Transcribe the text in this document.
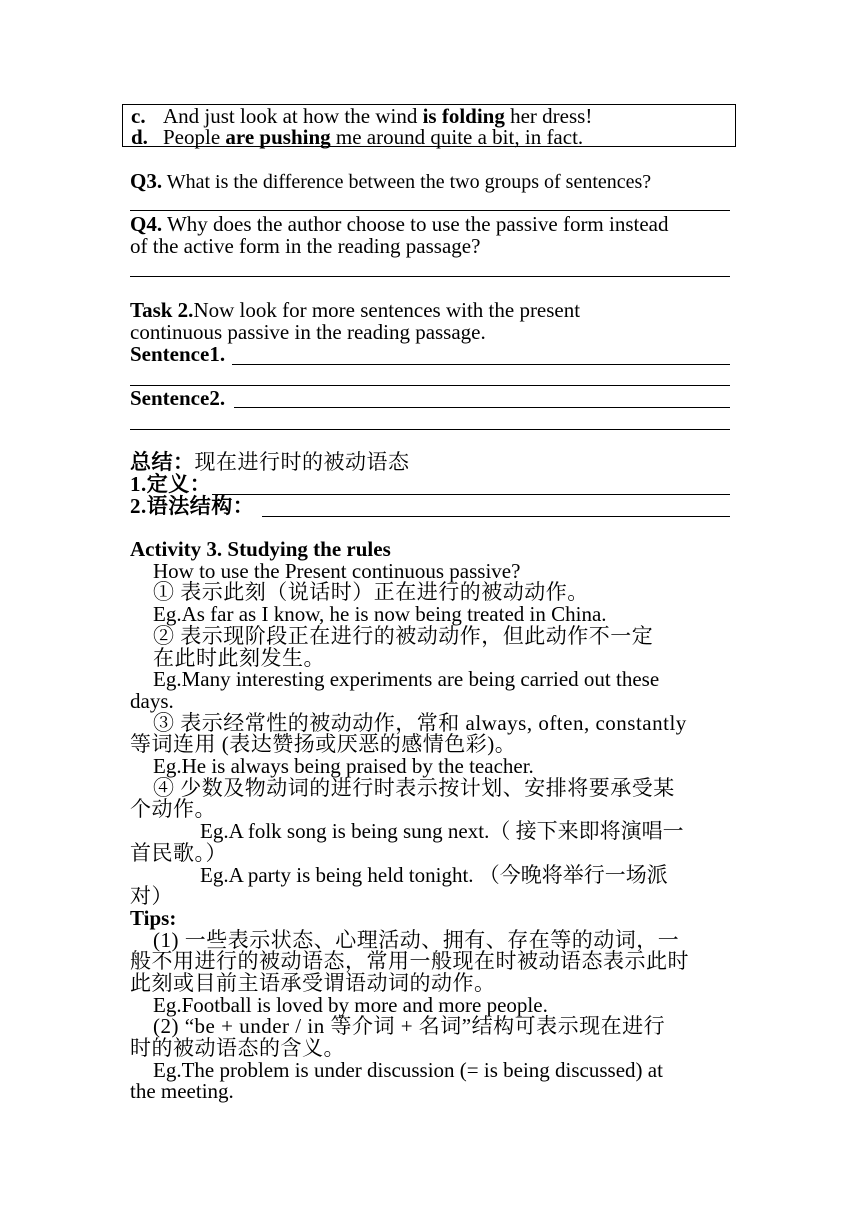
c. And just look at how the wind is folding her dress!
d. People are pushing me around quite a bit, in fact.
Q3. What is the difference between the two groups of sentences?
Q4. Why does the author choose to use the passive form instead
of the active form in the reading passage?
Task 2.Now look for more sentences with the present
continuous passive in the reading passage.
Sentence1.
Sentence2.
总结：现在进行时的被动语态
1.定义：
2.语法结构：
Activity 3. Studying the rules
How to use the Present continuous passive?
① 表示此刻（说话时）正在进行的被动动作。
Eg.As far as I know, he is now being treated in China.
② 表示现阶段正在进行的被动动作，但此动作不一定
在此时此刻发生。
Eg.Many interesting experiments are being carried out these
days.
③ 表示经常性的被动动作，常和 always, often, constantly
等词连用 (表达赞扬或厌恶的感情色彩)。
Eg.He is always being praised by the teacher.
④ 少数及物动词的进行时表示按计划、安排将要承受某
个动作。
Eg.A folk song is being sung next.（ 接下来即将演唱一
首民歌。）
Eg.A party is being held tonight. （今晚将举行一场派
对）
Tips:
(1) 一些表示状态、心理活动、拥有、存在等的动词，一
般不用进行的被动语态，常用一般现在时被动语态表示此时
此刻或目前主语承受谓语动词的动作。
Eg.Football is loved by more and more people.
(2) “be + under / in 等介词 + 名词”结构可表示现在进行
时的被动语态的含义。
Eg.The problem is under discussion (= is being discussed) at
the meeting.
